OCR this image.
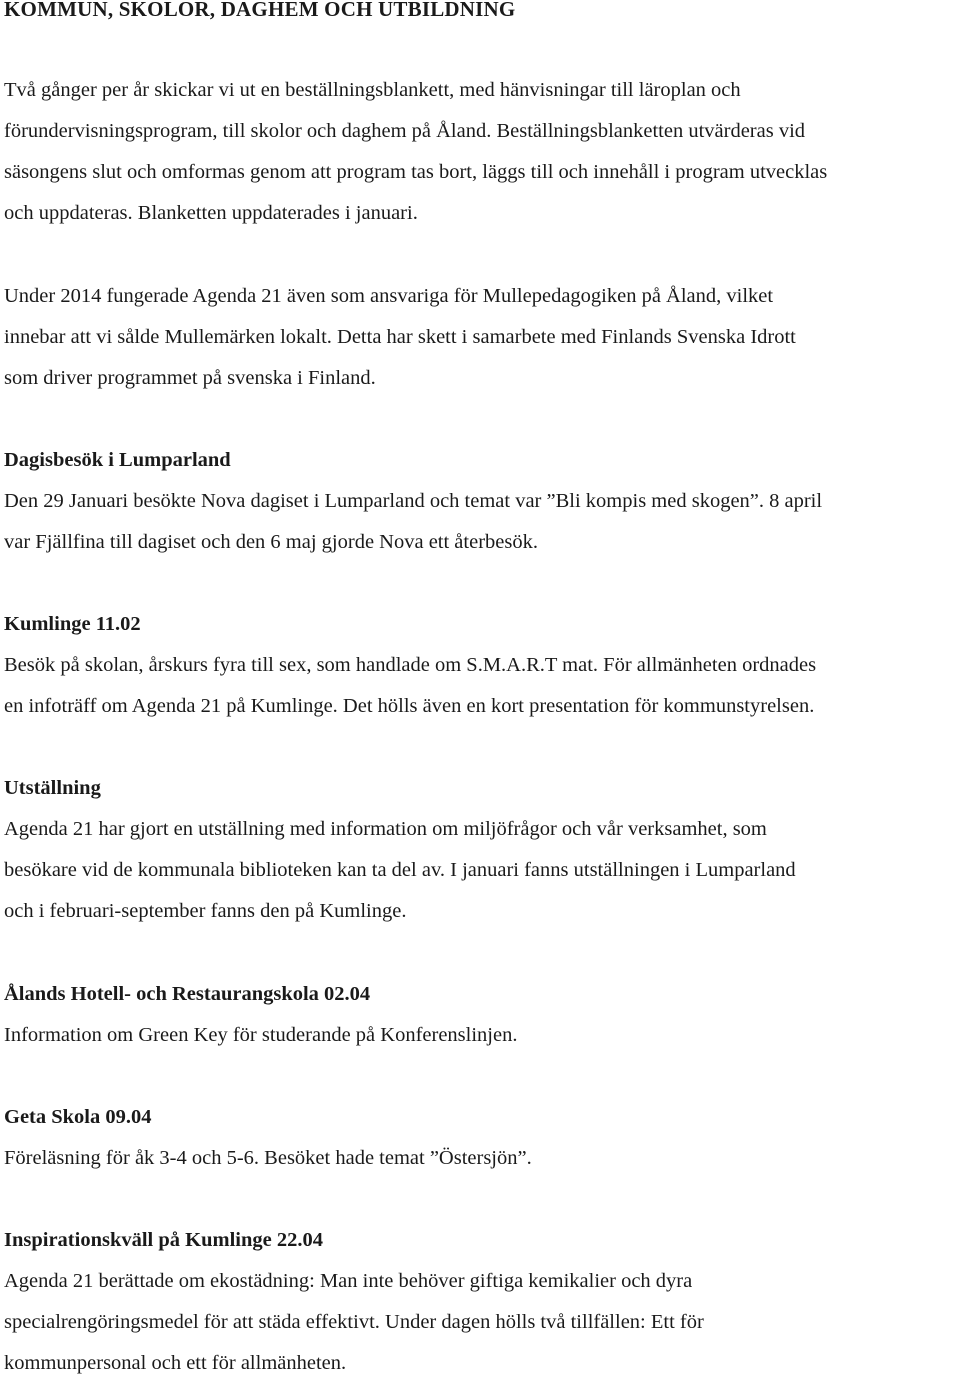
KOMMUN, SKOLOR, DAGHEM OCH UTBILDNING

Två gånger per år skickar vi ut en beställningsblankett, med hänvisningar till läroplan och
förundervisningsprogram, till skolor och daghem på Åland. Beställningsblanketten utvärderas vid
säsongens slut och omformas genom att program tas bort, läggs till och innehåll i program utvecklas
och uppdateras. Blanketten uppdaterades i januari.

Under 2014 fungerade Agenda 21 även som ansvariga för Mullepedagogiken på Åland, vilket
innebar att vi sålde Mullemärken lokalt. Detta har skett i samarbete med Finlands Svenska Idrott
som driver programmet på svenska i Finland.

Dagisbesök i Lumparland

Den 29 Januari besökte Nova dagiset i Lumparland och temat var ”Bli kompis med skogen”. 8 april
var Fjällfina till dagiset och den 6 maj gjorde Nova ett återbesök.

Kumlinge 11.02

Besök på skolan, årskurs fyra till sex, som handlade om S.M.A.R.T mat. För allmänheten ordnades
en infoträff om Agenda 21 på Kumlinge. Det hölls även en kort presentation för kommunstyrelsen.

Utställning

Agenda 21 har gjort en utställning med information om miljöfrågor och vår verksamhet, som
besökare vid de kommunala biblioteken kan ta del av. I januari fanns utställningen i Lumparland
och i februari-september fanns den på Kumlinge.

Ålands Hotell- och Restaurangskola 02.04

Information om Green Key för studerande på Konferenslinjen.

Geta Skola 09.04

Föreläsning för åk 3-4 och 5-6. Besöket hade temat ”Östersjön”.

Inspirationskväll på Kumlinge 22.04

Agenda 21 berättade om ekostädning: Man inte behöver giftiga kemikalier och dyra
specialrengöringsmedel för att städa effektivt. Under dagen hölls två tillfällen: Ett för
kommunpersonal och ett för allmänheten.
